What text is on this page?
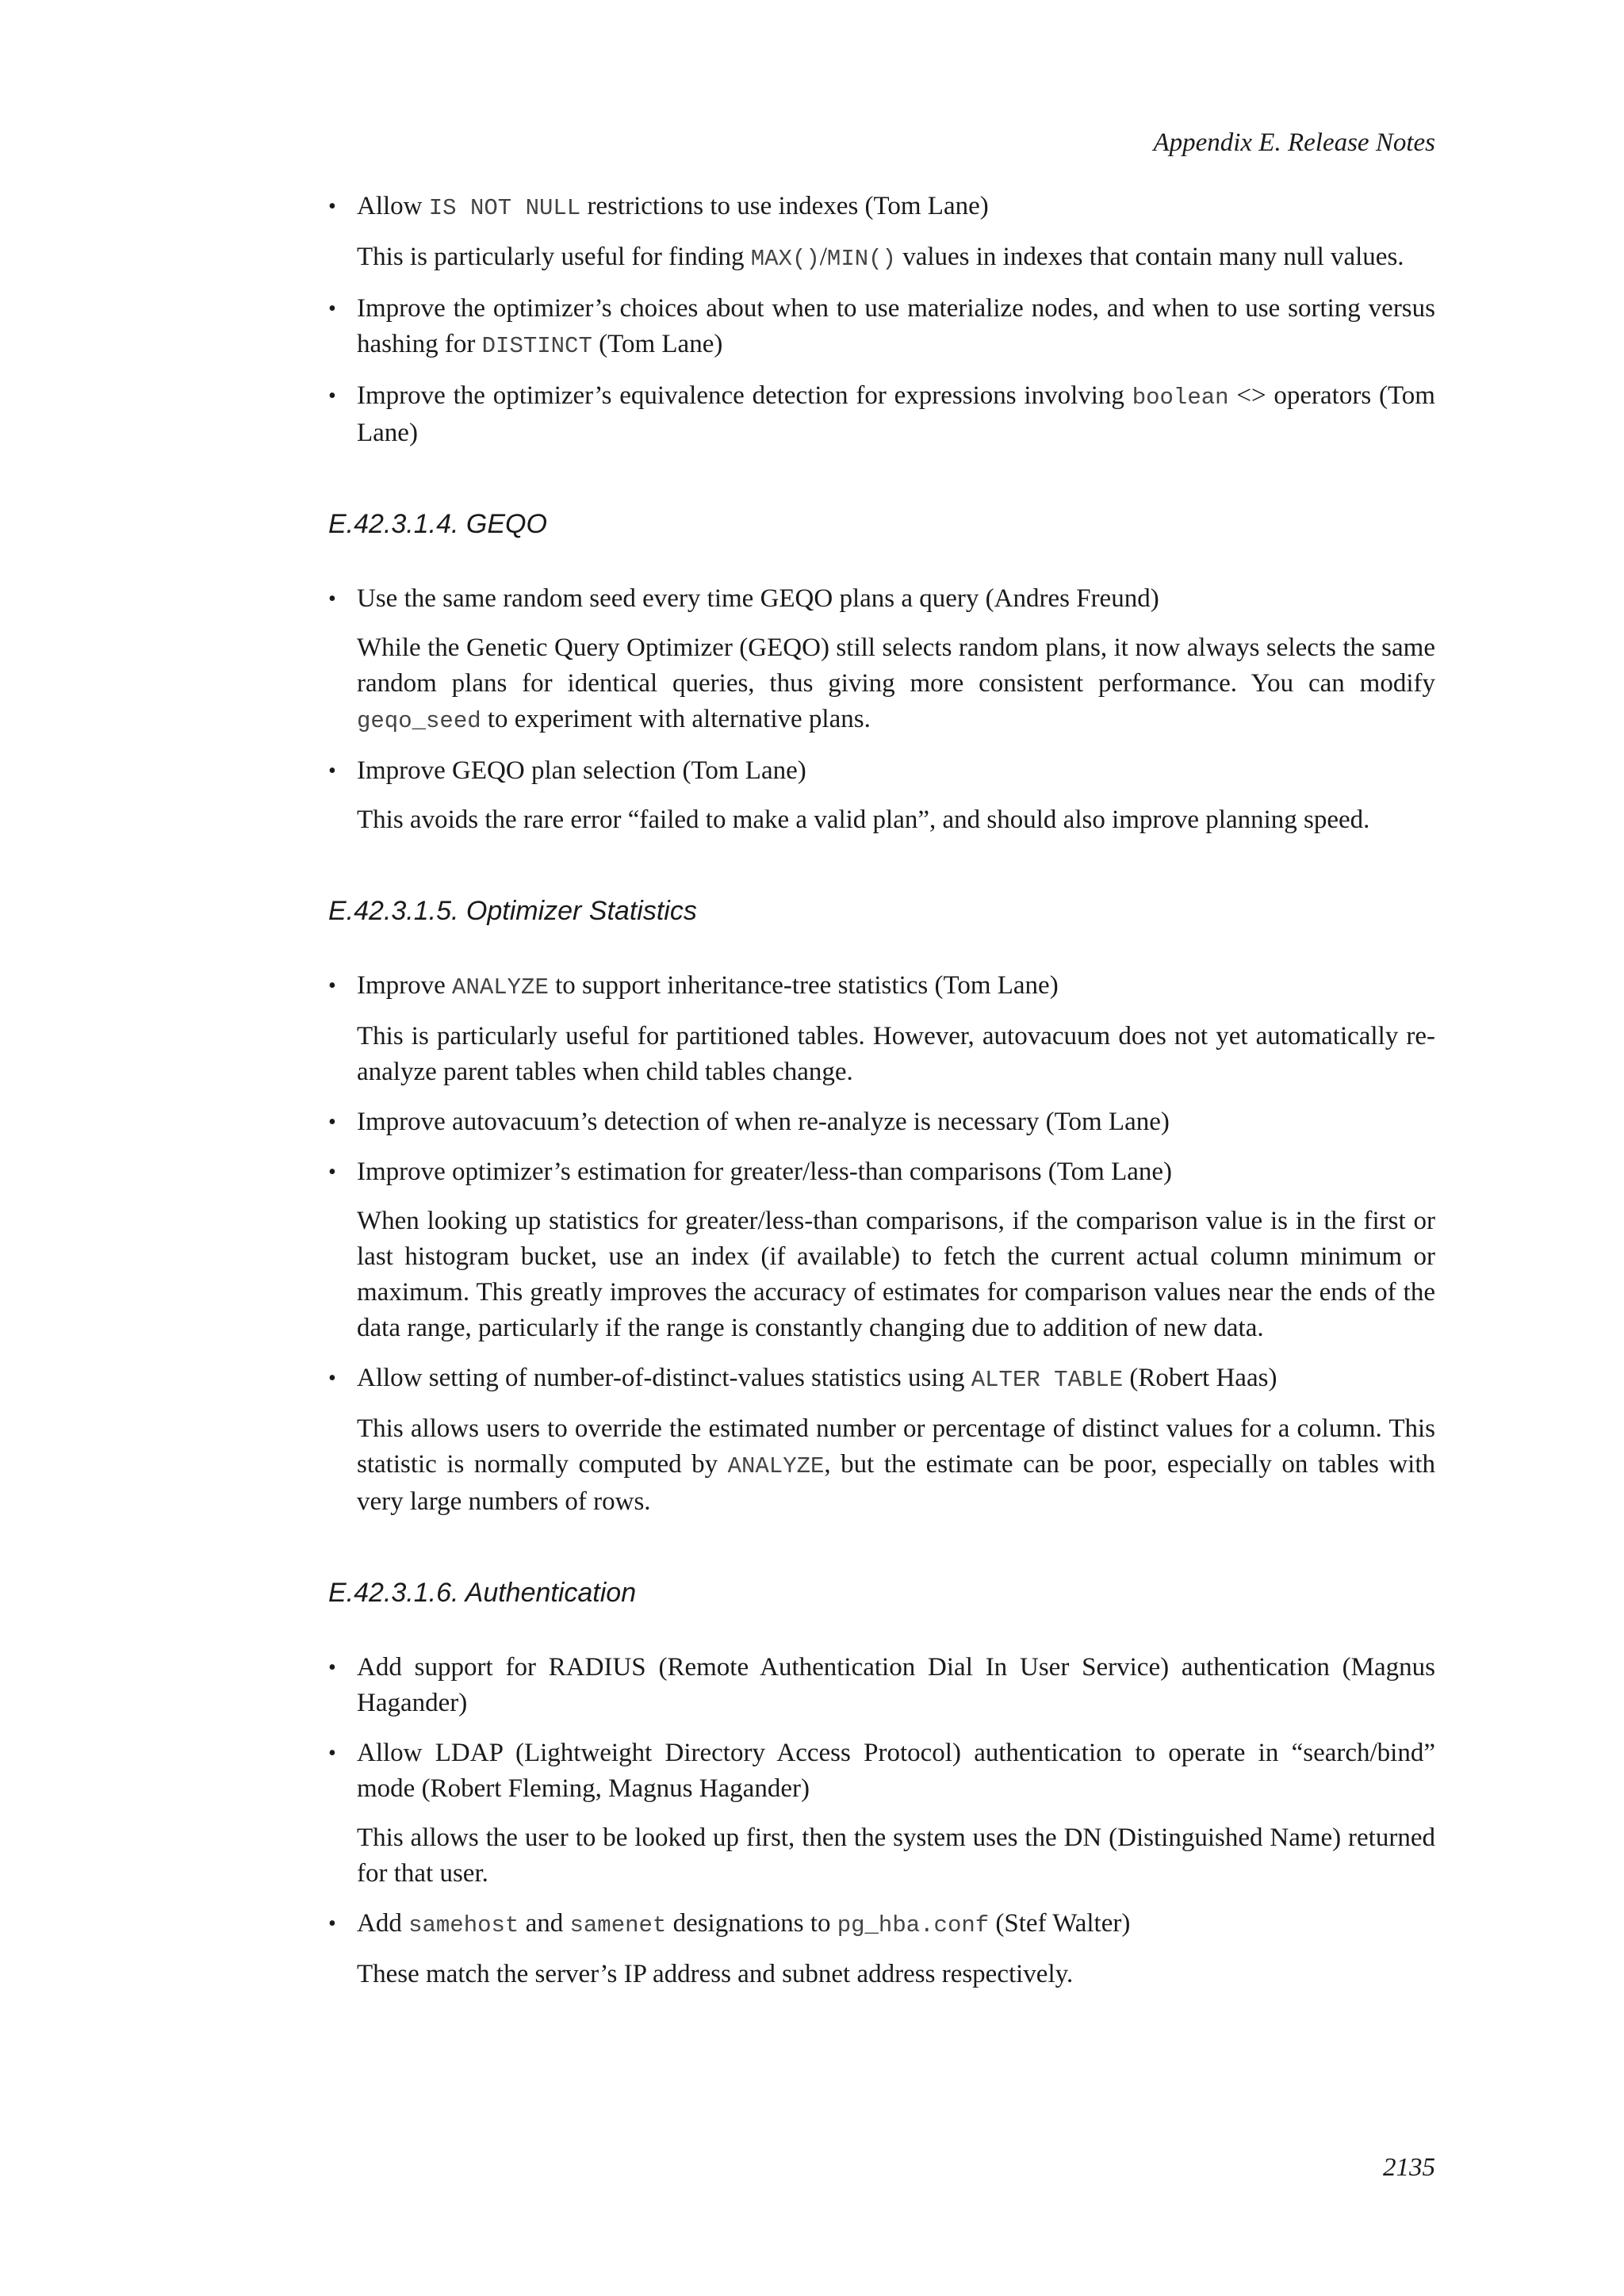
Appendix E. Release Notes
• Allow IS NOT NULL restrictions to use indexes (Tom Lane)

This is particularly useful for finding MAX()/MIN() values in indexes that contain many null values.

• Improve the optimizer’s choices about when to use materialize nodes, and when to use sorting versus hashing for DISTINCT (Tom Lane)

• Improve the optimizer’s equivalence detection for expressions involving boolean <> operators (Tom Lane)

E.42.3.1.4. GEQO
• Use the same random seed every time GEQO plans a query (Andres Freund)

While the Genetic Query Optimizer (GEQO) still selects random plans, it now always selects the same random plans for identical queries, thus giving more consistent performance. You can modify geqo_seed to experiment with alternative plans.

• Improve GEQO plan selection (Tom Lane)

This avoids the rare error “failed to make a valid plan”, and should also improve planning speed.

E.42.3.1.5. Optimizer Statistics
• Improve ANALYZE to support inheritance-tree statistics (Tom Lane)

This is particularly useful for partitioned tables. However, autovacuum does not yet automatically re-analyze parent tables when child tables change.

• Improve autovacuum’s detection of when re-analyze is necessary (Tom Lane)

• Improve optimizer’s estimation for greater/less-than comparisons (Tom Lane)

When looking up statistics for greater/less-than comparisons, if the comparison value is in the first or last histogram bucket, use an index (if available) to fetch the current actual column minimum or maximum. This greatly improves the accuracy of estimates for comparison values near the ends of the data range, particularly if the range is constantly changing due to addition of new data.

• Allow setting of number-of-distinct-values statistics using ALTER TABLE (Robert Haas)

This allows users to override the estimated number or percentage of distinct values for a column. This statistic is normally computed by ANALYZE, but the estimate can be poor, especially on tables with very large numbers of rows.

E.42.3.1.6. Authentication
• Add support for RADIUS (Remote Authentication Dial In User Service) authentication (Magnus Hagander)

• Allow LDAP (Lightweight Directory Access Protocol) authentication to operate in “search/bind” mode (Robert Fleming, Magnus Hagander)

This allows the user to be looked up first, then the system uses the DN (Distinguished Name) returned for that user.

• Add samehost and samenet designations to pg_hba.conf (Stef Walter)

These match the server’s IP address and subnet address respectively.

2135
